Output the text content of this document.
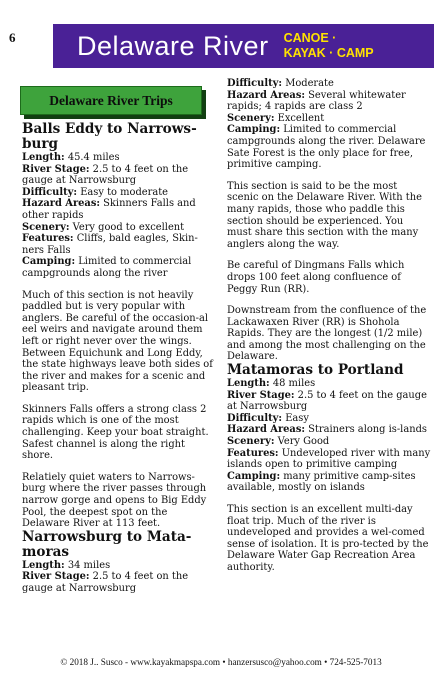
6 Delaware River CANOE ·
KAYAK · CAMP
Delaware River Trips
Balls Eddy to Narrows-burg

Length: 45.4 miles

River Stage: 2.5 to 4 feet on the gauge at Narrowsburg

Difficulty: Easy to moderate

Hazard Areas: Skinners Falls and other rapids

Scenery: Very good to excellent

Features: Cliffs, bald eagles, Skin-ners Falls

Camping: Limited to commercial campgrounds along the river

Much of this section is not heavily paddled but is very popular with anglers. Be careful of the occasion-al eel weirs and navigate around them left or right never over the wings. Between Equichunk and Long Eddy, the state highways leave both sides of the river and makes for a scenic and pleasant trip.

Skinners Falls offers a strong class 2 rapids which is one of the most challenging. Keep your boat straight. Safest channel is along the right shore.

Relatiely quiet waters to Narrows-burg where the river passes through narrow gorge and opens to Big Eddy Pool, the deepest spot on the Delaware River at 113 feet.

Narrowsburg to Mata-moras

Length: 34 miles

River Stage: 2.5 to 4 feet on the gauge at Narrowsburg

Difficulty: Moderate

Hazard Areas: Several whitewater rapids; 4 rapids are class 2

Scenery: Excellent

Camping: Limited to commercial campgrounds along the river. Delaware Sate Forest is the only place for free, primitive camping.

This section is said to be the most scenic on the Delaware River. With the many rapids, those who paddle this section should be experienced. You must share this section with the many anglers along the way.

Be careful of Dingmans Falls which drops 100 feet along confluence of Peggy Run (RR).

Downstream from the confluence of the Lackawaxen River (RR) is Shohola Rapids. They are the longest (1/2 mile) and among the most challenging on the Delaware.

Matamoras to Portland

Length: 48 miles

River Stage: 2.5 to 4 feet on the gauge at Narrowsburg

Difficulty: Easy

Hazard Areas: Strainers along is-lands

Scenery: Very Good

Features: Undeveloped river with many islands open to primitive camping

Camping: many primitive camp-sites available, mostly on islands

This section is an excellent multi-day float trip. Much of the river is undeveloped and provides a wel-comed sense of isolation. It is pro-tected by the Delaware Water Gap Recreation Area authority.

© 2018 J.. Susco - www.kayakmapspa.com • hanzersusco@yahoo.com • 724-525-7013
